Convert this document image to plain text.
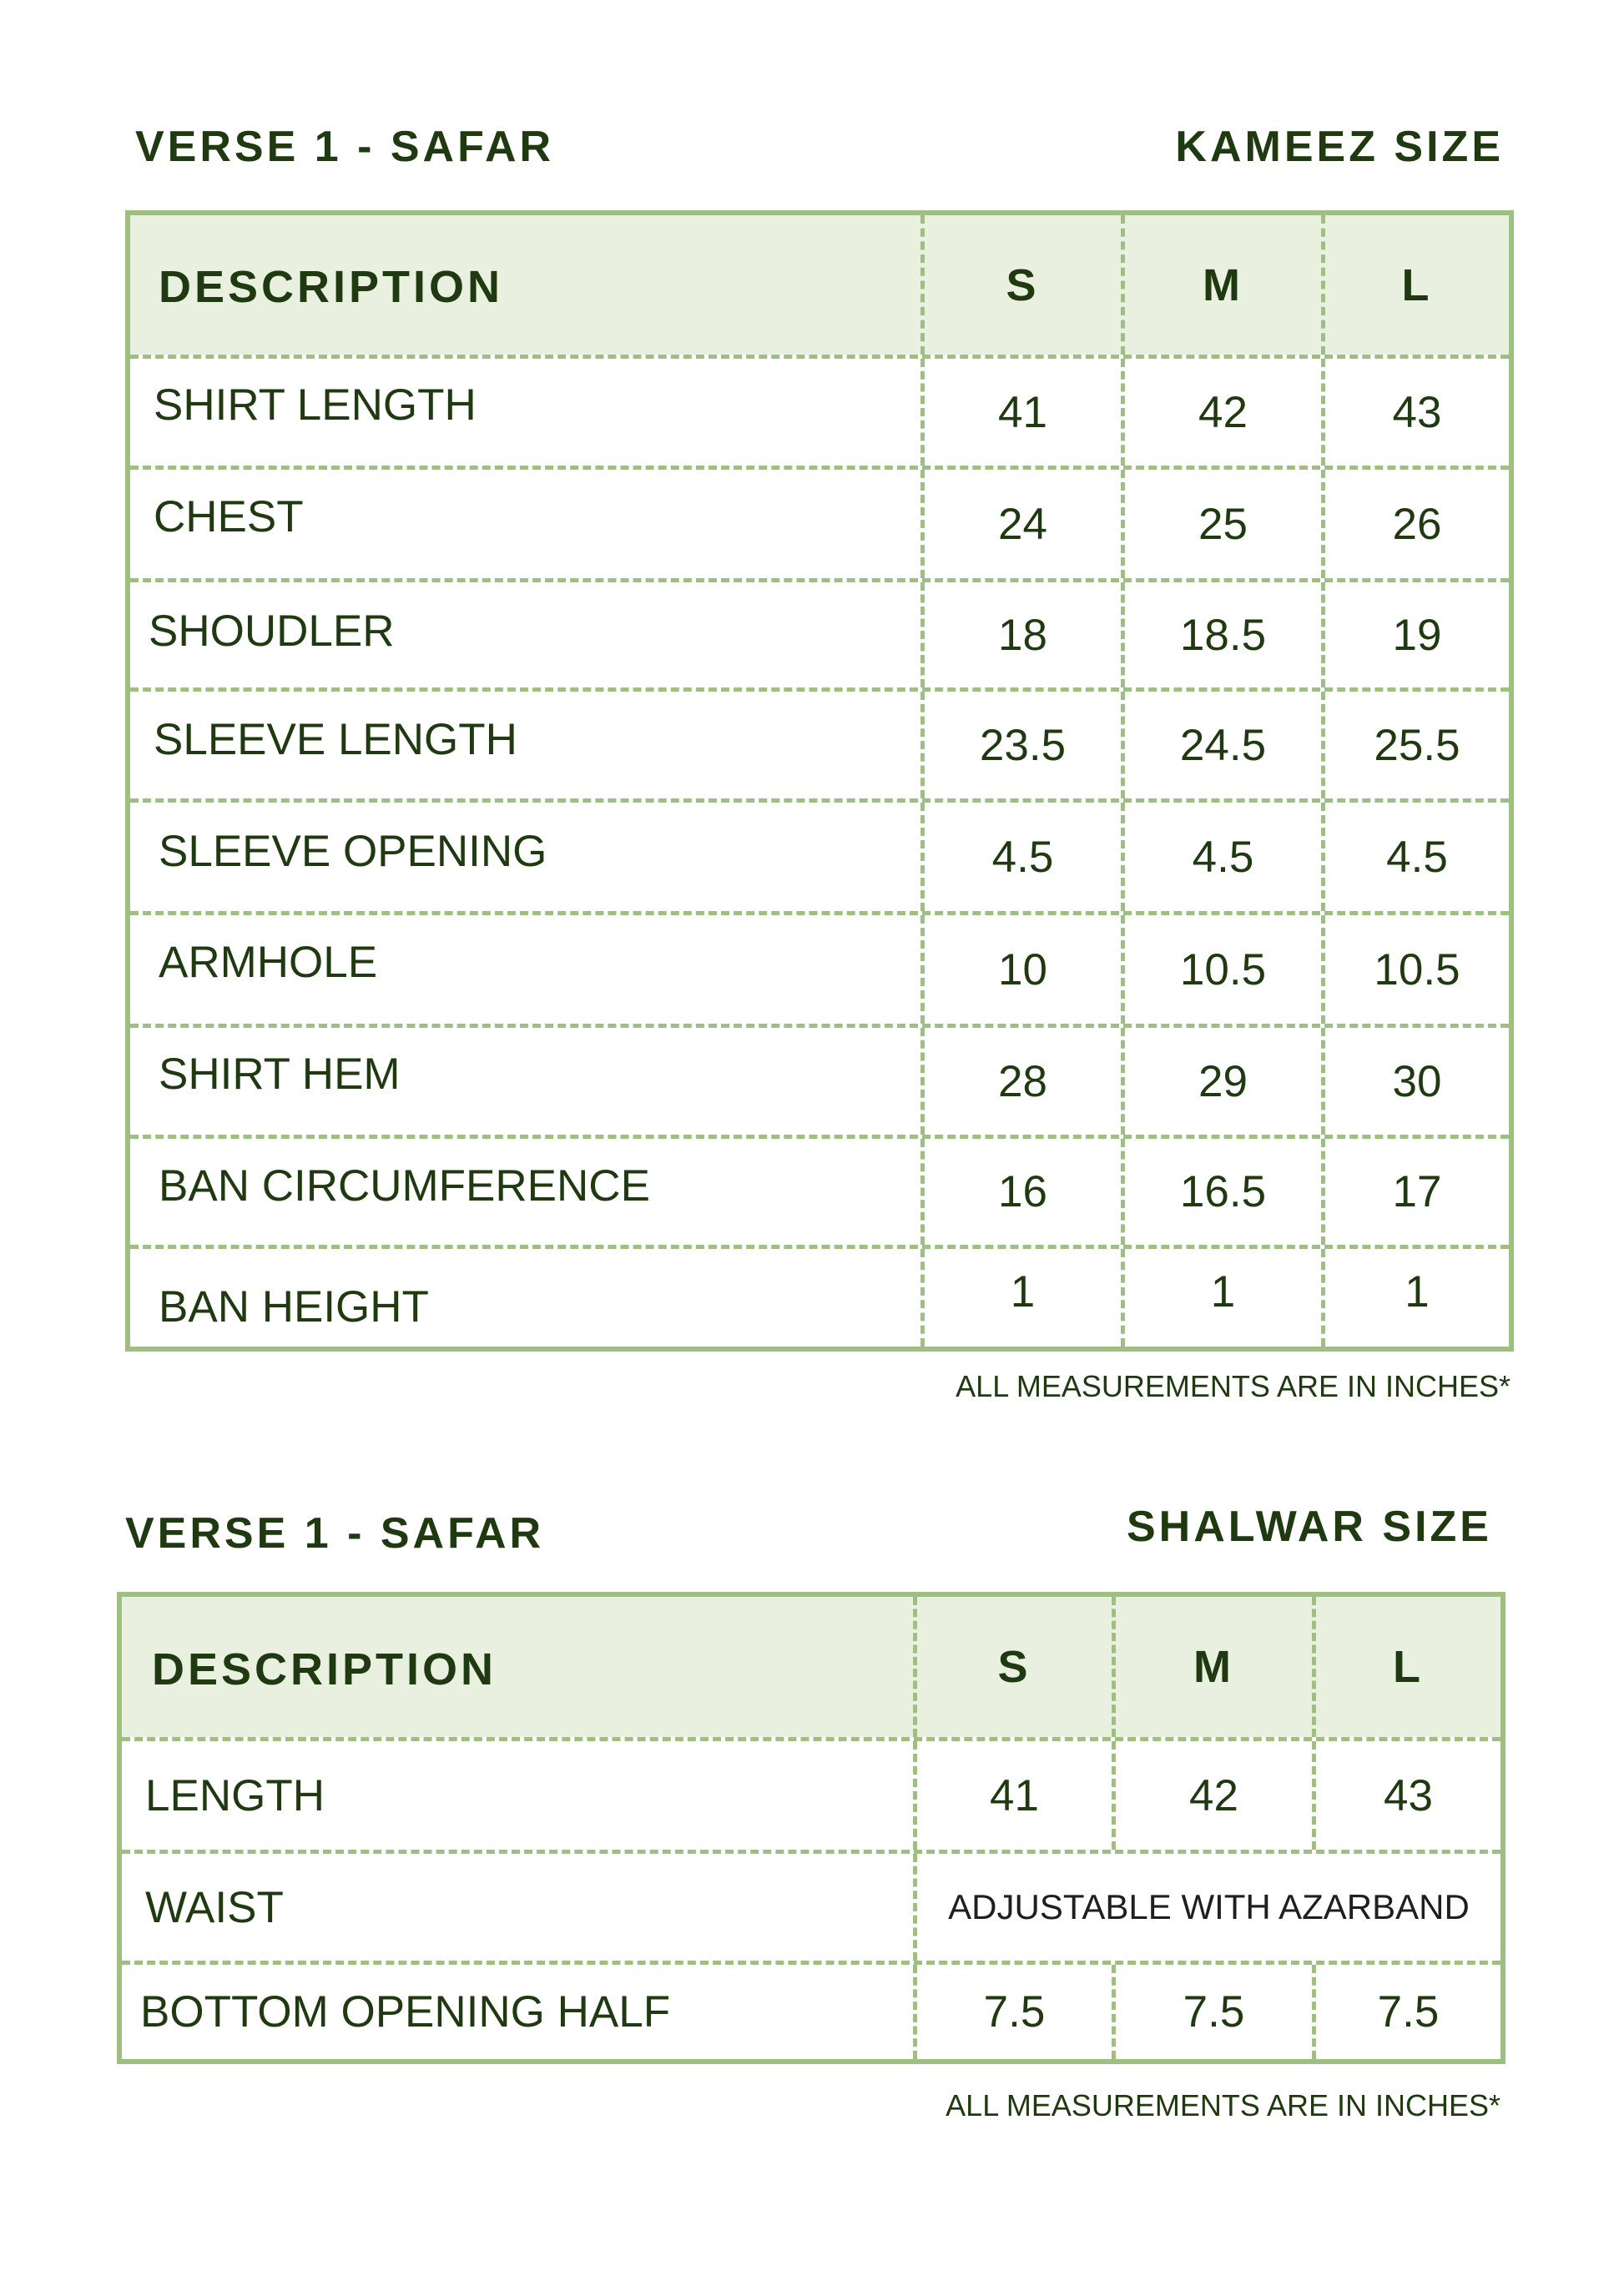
VERSE 1 - SAFAR	KAMEEZ SIZE
DESCRIPTION	S	M	L
SHIRT LENGTH	41	42	43
CHEST	24	25	26
SHOUDLER	18	18.5	19
SLEEVE LENGTH	23.5	24.5	25.5
SLEEVE OPENING	4.5	4.5	4.5
ARMHOLE	10	10.5	10.5
SHIRT HEM	28	29	30
BAN CIRCUMFERENCE	16	16.5	17
BAN HEIGHT	1	1	1
ALL MEASUREMENTS ARE IN INCHES*
VERSE 1 - SAFAR	SHALWAR SIZE
DESCRIPTION	S	M	L
LENGTH	41	42	43
WAIST	ADJUSTABLE WITH AZARBAND
BOTTOM OPENING HALF	7.5	7.5	7.5
ALL MEASUREMENTS ARE IN INCHES*
